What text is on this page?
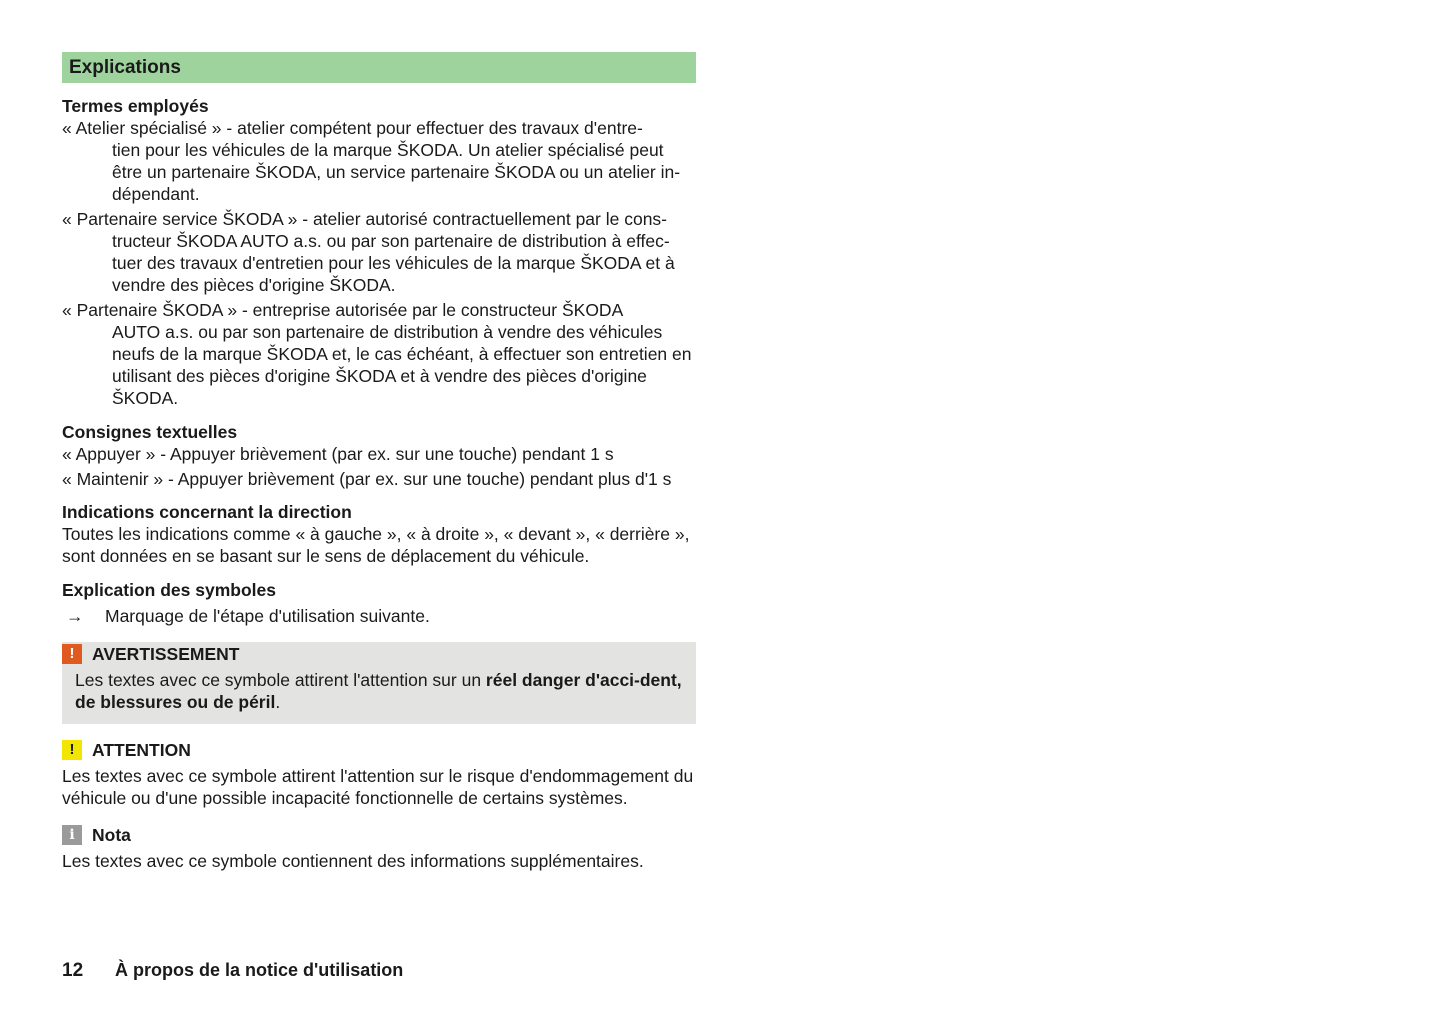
Explications
Termes employés
« Atelier spécialisé » - atelier compétent pour effectuer des travaux d'entre-
tien pour les véhicules de la marque ŠKODA. Un atelier spécialisé peut être un partenaire ŠKODA, un service partenaire ŠKODA ou un atelier in-dépendant.
« Partenaire service ŠKODA » - atelier autorisé contractuellement par le cons-
tructeur ŠKODA AUTO a.s. ou par son partenaire de distribution à effec-tuer des travaux d'entretien pour les véhicules de la marque ŠKODA et à vendre des pièces d'origine ŠKODA.
« Partenaire ŠKODA » - entreprise autorisée par le constructeur ŠKODA
AUTO a.s. ou par son partenaire de distribution à vendre des véhicules neufs de la marque ŠKODA et, le cas échéant, à effectuer son entretien en utilisant des pièces d'origine ŠKODA et à vendre des pièces d'origine ŠKODA.
Consignes textuelles
« Appuyer » - Appuyer brièvement (par ex. sur une touche) pendant 1 s
« Maintenir » - Appuyer brièvement (par ex. sur une touche) pendant plus d'1 s
Indications concernant la direction
Toutes les indications comme « à gauche », « à droite », « devant », « derrière », sont données en se basant sur le sens de déplacement du véhicule.
Explication des symboles
→	Marquage de l'étape d'utilisation suivante.
!	AVERTISSEMENT
Les textes avec ce symbole attirent l'attention sur un réel danger d'acci-dent, de blessures ou de péril.
!	ATTENTION
Les textes avec ce symbole attirent l'attention sur le risque d'endommagement du véhicule ou d'une possible incapacité fonctionnelle de certains systèmes.
i Nota
Les textes avec ce symbole contiennent des informations supplémentaires.
12	À propos de la notice d'utilisation
